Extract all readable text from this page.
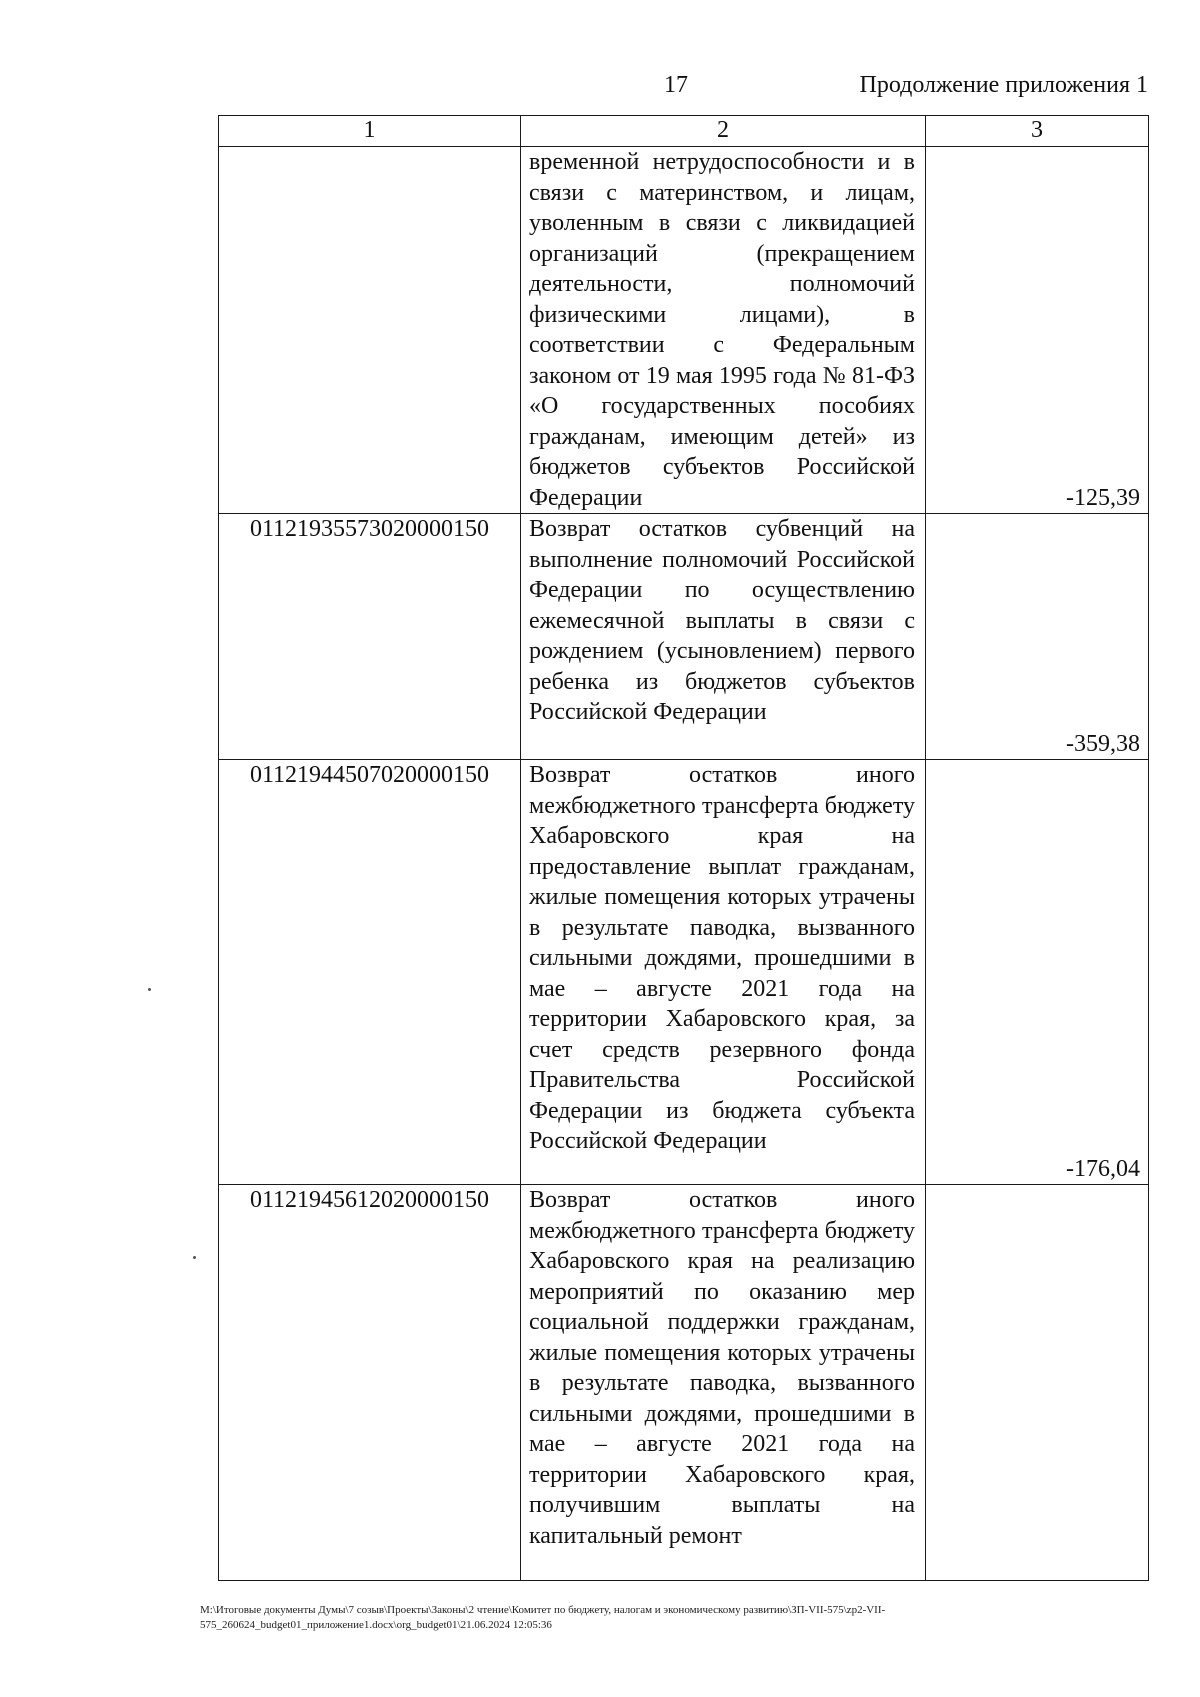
17	Продолжение приложения 1
1	2	3
	временной нетрудоспособности и в связи с материнством, и лицам, уволенным в связи с ликвидацией организаций (прекращением деятельности, полномочий физическими лицами), в соответствии с Федеральным законом от 19 мая 1995 года № 81-ФЗ «О государственных пособиях гражданам, имеющим детей» из бюджетов субъектов Российской Федерации	-125,39
01121935573020000150	Возврат остатков субвенций на выполнение полномочий Российской Федерации по осуществлению ежемесячной выплаты в связи с рождением (усыновлением) первого ребенка из бюджетов субъектов Российской Федерации	-359,38
01121944507020000150	Возврат остатков иного межбюджетного трансферта бюджету Хабаровского края на предоставление выплат гражданам, жилые помещения которых утрачены в результате паводка, вызванного сильными дождями, прошедшими в мае – августе 2021 года на территории Хабаровского края, за счет средств резервного фонда Правительства Российской Федерации из бюджета субъекта Российской Федерации	-176,04
01121945612020000150	Возврат остатков иного межбюджетного трансферта бюджету Хабаровского края на реализацию мероприятий по оказанию мер социальной поддержки гражданам, жилые помещения которых утрачены в результате паводка, вызванного сильными дождями, прошедшими в мае – августе 2021 года на территории Хабаровского края, получившим выплаты на капитальный ремонт	
М:\Итоговые документы Думы\7 созыв\Проекты\Законы\2 чтение\Комитет по бюджету, налогам и экономическому развитию\ЗП-VII-575\zp2-VII-575_260624_budget01_приложение1.docx\org_budget01\21.06.2024 12:05:36
